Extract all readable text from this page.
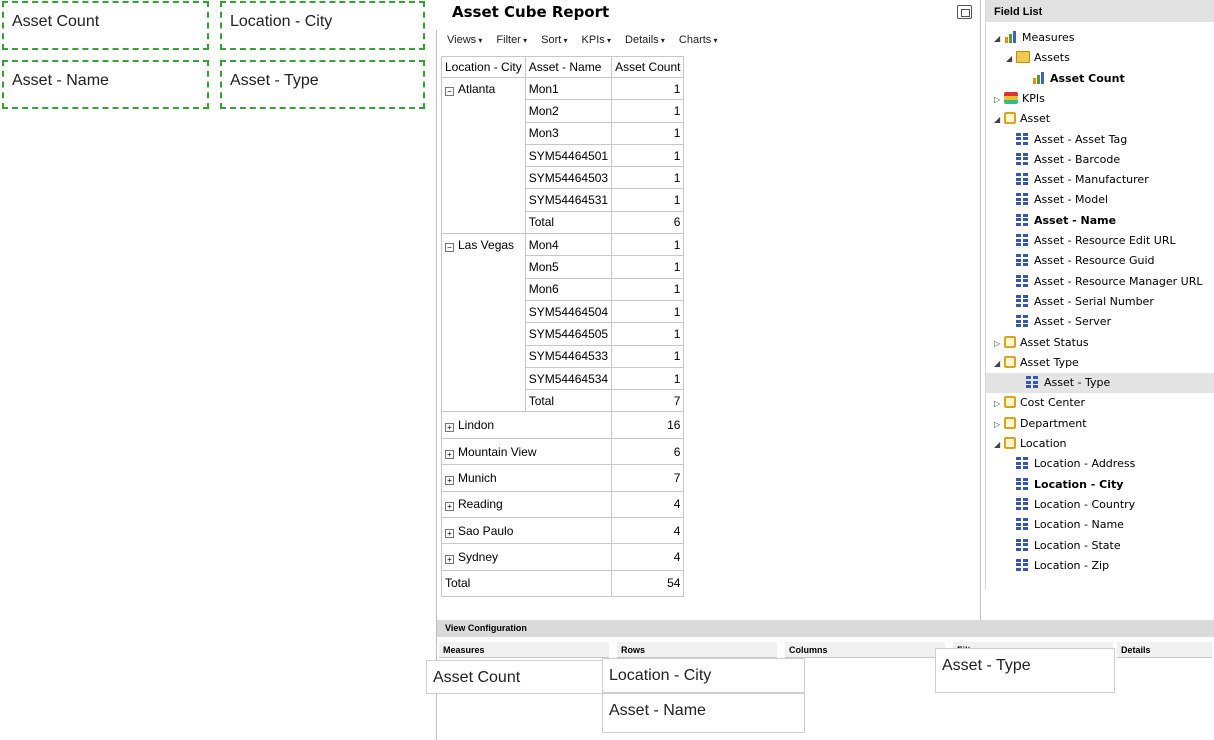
Asset Count	Location - City
Asset - Name	Asset - Type
Asset Cube Report
Views ▾	Filter ▾	Sort ▾	KPIs ▾	Details ▾	Charts ▾
Location - City	Asset - Name	Asset Count
− Atlanta	Mon1	1
	Mon2	1
	Mon3	1
	SYM54464501	1
	SYM54464503	1
	SYM54464531	1
	Total	6
− Las Vegas	Mon4	1
	Mon5	1
	Mon6	1
	SYM54464504	1
	SYM54464505	1
	SYM54464533	1
	SYM54464534	1
	Total	7
+ Lindon		16
+ Mountain View		6
+ Munich		7
+ Reading		4
+ Sao Paulo		4
+ Sydney		4
Total		54
Field List
◢ Measures
◢ Assets
Asset Count
▷ KPIs
◢ Asset
Asset - Asset Tag
Asset - Barcode
Asset - Manufacturer
Asset - Model
Asset - Name
Asset - Resource Edit URL
Asset - Resource Guid
Asset - Resource Manager URL
Asset - Serial Number
Asset - Server
▷ Asset Status
◢ Asset Type
Asset - Type
▷ Cost Center
▷ Department
◢ Location
Location - Address
Location - City
Location - Country
Location - Name
Location - State
Location - Zip
View Configuration
Measures	Rows	Columns	Details
Asset Count	Location - City
Asset - Name
Asset - Type
